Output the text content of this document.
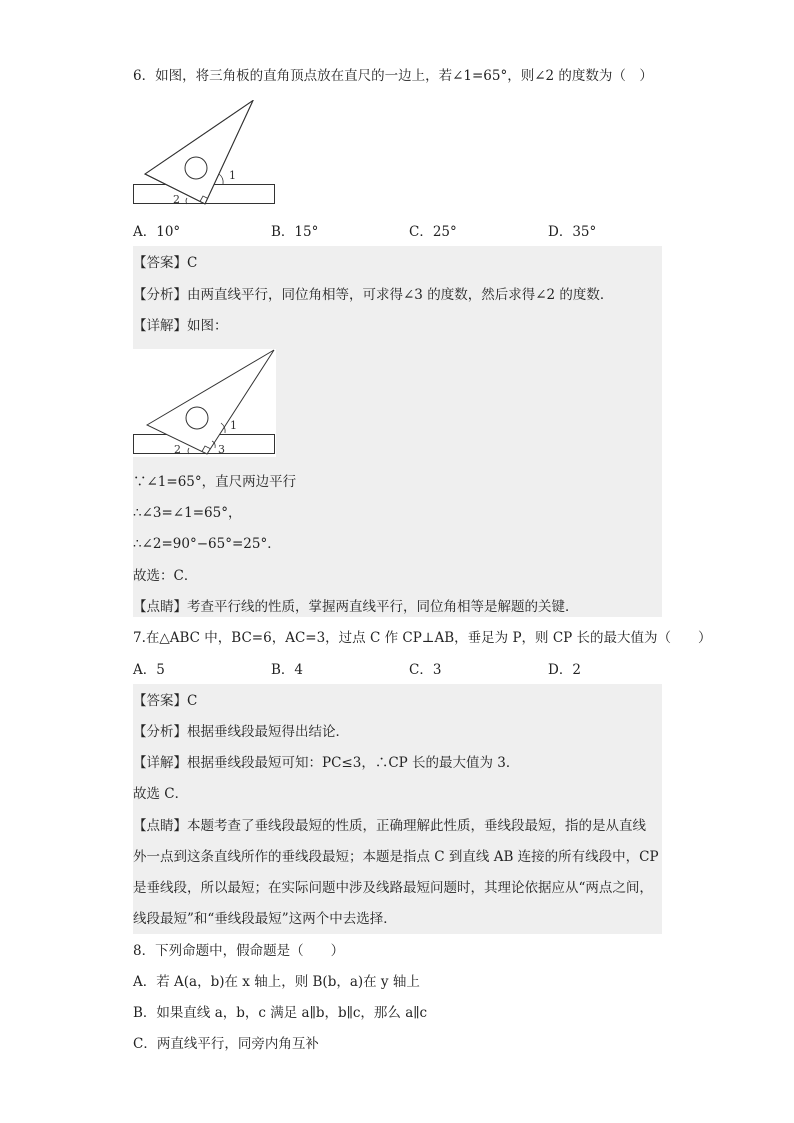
6．如图，将三角板的直角顶点放在直尺的一边上，若∠1=65°，则∠2 的度数为（　）
1
2
A．10°	B．15°	C．25°	D．35°
【答案】C
【分析】由两直线平行，同位角相等，可求得∠3 的度数，然后求得∠2 的度数．
【详解】如图：
1
2	3
∵∠1=65°，直尺两边平行
∴∠3=∠1=65°，
∴∠2=90°−65°=25°．
故选：C．
【点睛】考查平行线的性质，掌握两直线平行，同位角相等是解题的关键．
7.在△ABC 中，BC=6，AC=3，过点 C 作 CP⊥AB，垂足为 P，则 CP 长的最大值为（　　）
A．5	B．4	C．3	D．2
【答案】C
【分析】根据垂线段最短得出结论．
【详解】根据垂线段最短可知：PC≤3，∴CP 长的最大值为 3．
故选 C．
【点睛】本题考查了垂线段最短的性质，正确理解此性质，垂线段最短，指的是从直线
外一点到这条直线所作的垂线段最短；本题是指点 C 到直线 AB 连接的所有线段中，CP
是垂线段，所以最短；在实际问题中涉及线路最短问题时，其理论依据应从“两点之间，
线段最短”和“垂线段最短”这两个中去选择．
8．下列命题中，假命题是（　　）
A．若 A(a，b)在 x 轴上，则 B(b，a)在 y 轴上
B．如果直线 a，b，c 满足 a∥b，b∥c，那么 a∥c
C．两直线平行，同旁内角互补
